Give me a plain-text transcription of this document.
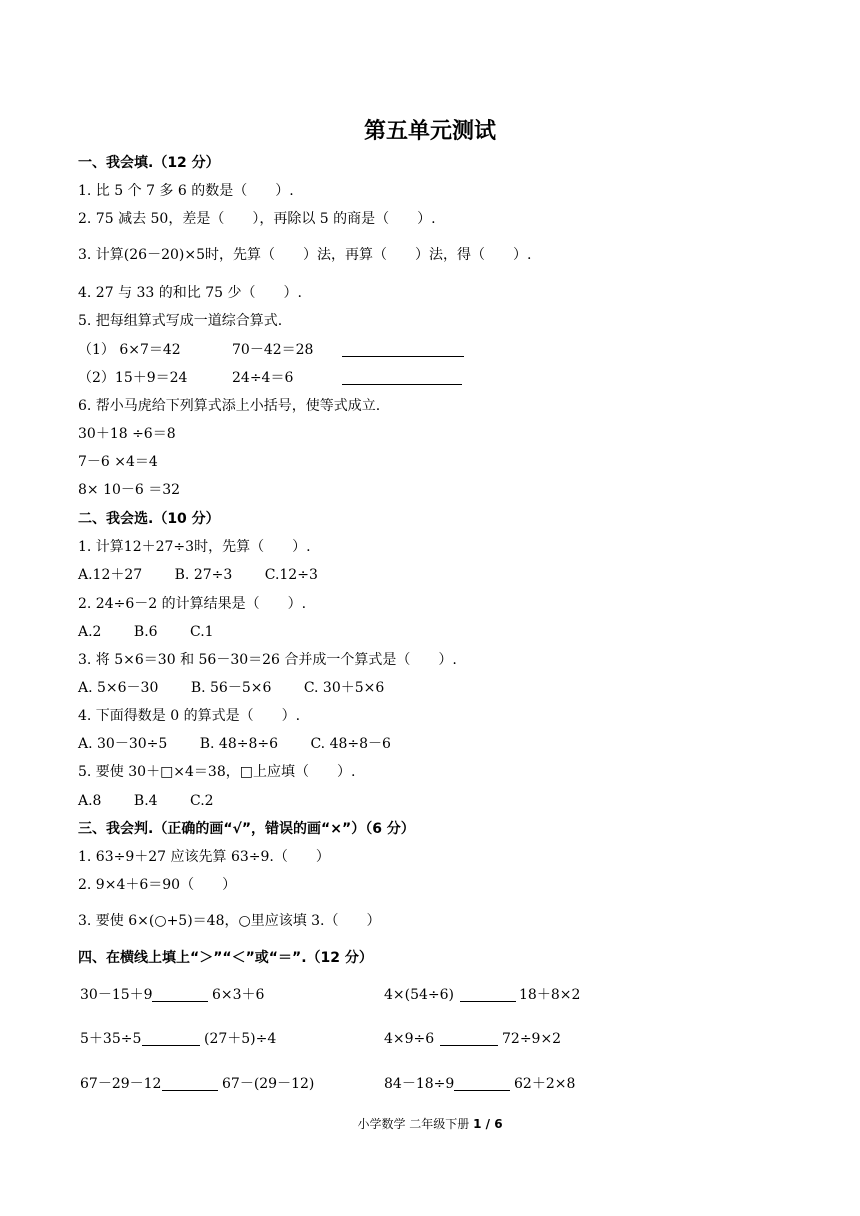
第五单元测试
一、我会填.（12 分）
1. 比 5 个 7 多 6 的数是（　　）.
2. 75 减去 50，差是（　　），再除以 5 的商是（　　）.
3. 计算(26－20)×5时，先算（　　）法，再算（　　）法，得（　　）.
4. 27 与 33 的和比 75 少（　　）.
5. 把每组算式写成一道综合算式.
（1） 6×7＝42	70－42＝28
（2）15＋9＝24	24÷4＝6
6. 帮小马虎给下列算式添上小括号，使等式成立.
30＋18 ÷6＝8
7－6 ×4＝4
8× 10－6 ＝32
二、我会选.（10 分）
1. 计算12＋27÷3时，先算（　　）.
A.12＋27　　 B. 27÷3　　 C.12÷3
2. 24÷6－2 的计算结果是（　　）.
A.2　　 B.6　　 C.1
3. 将 5×6＝30 和 56－30＝26 合并成一个算式是（　　）.
A. 5×6－30　　 B. 56－5×6　　 C. 30＋5×6
4. 下面得数是 0 的算式是（　　）.
A. 30－30÷5　　 B. 48÷8÷6　　 C. 48÷8－6
5. 要使 30＋□×4＝38，□上应填（　　）.
A.8　　 B.4　　 C.2
三、我会判.（正确的画“√”，错误的画“×”）（6 分）
1. 63÷9＋27 应该先算 63÷9.（　　）
2. 9×4＋6＝90（　　）
3. 要使 6×(○+5)＝48，○里应该填 3.（　　）
四、在横线上填上“＞”“＜”或“＝”.（12 分）
30－15＋9	6×3＋6	4×(54÷6)	18＋8×2
5＋35÷5	(27＋5)÷4	4×9÷6	72÷9×2
67－29－12	67－(29－12)	84－18÷9	62＋2×8
小学数学 二年级下册 1 / 6
